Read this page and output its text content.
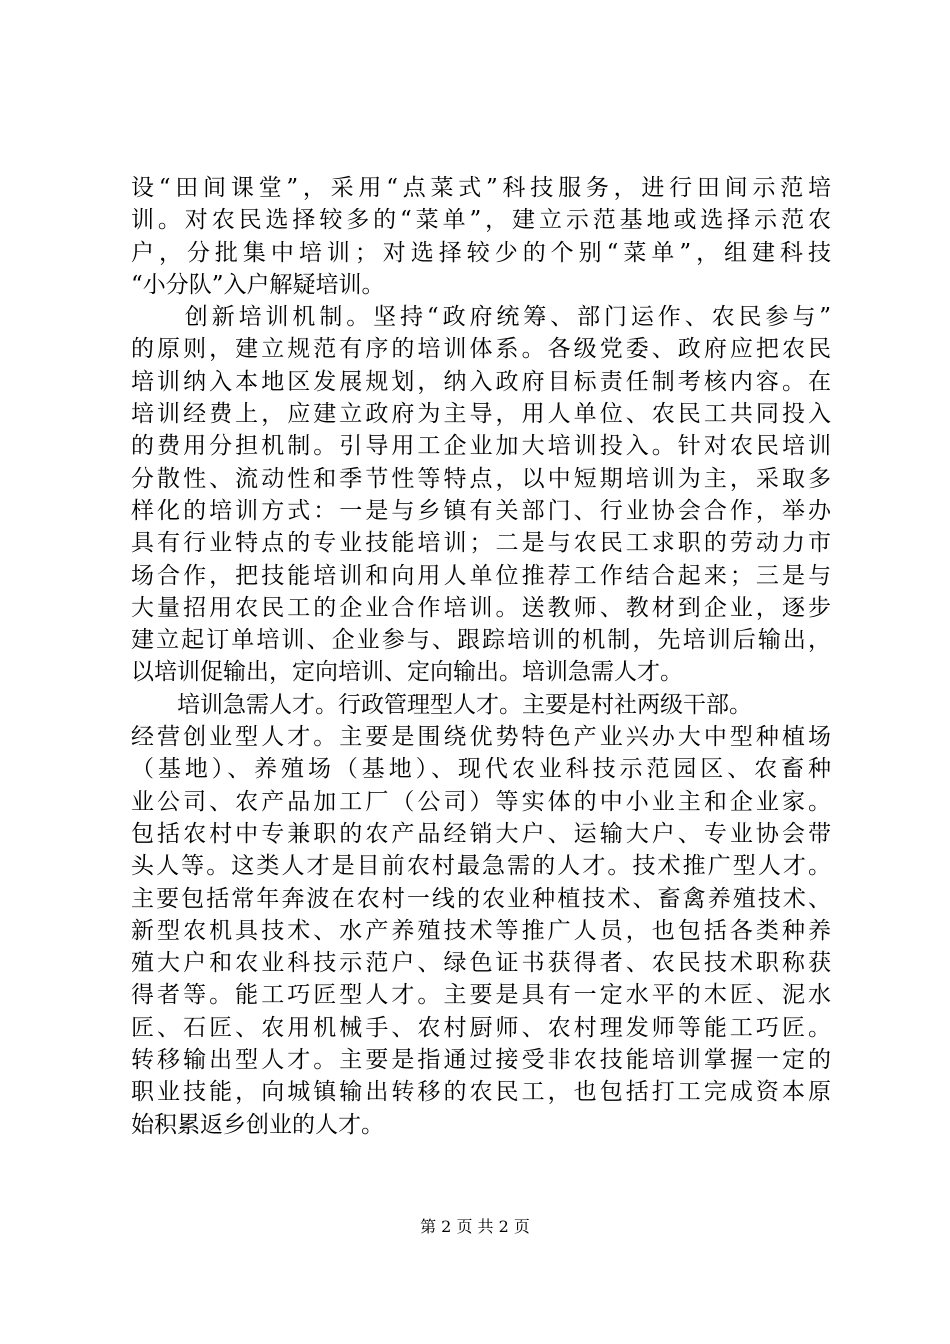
设“田间课堂”，采用“点菜式”科技服务，进行田间示范培
训。对农民选择较多的“菜单”，建立示范基地或选择示范农
户，分批集中培训；对选择较少的个别“菜单”，组建科技
“小分队”入户解疑培训。
　　创新培训机制。坚持“政府统筹、部门运作、农民参与”
的原则，建立规范有序的培训体系。各级党委、政府应把农民
培训纳入本地区发展规划，纳入政府目标责任制考核内容。在
培训经费上，应建立政府为主导，用人单位、农民工共同投入
的费用分担机制。引导用工企业加大培训投入。针对农民培训
分散性、流动性和季节性等特点，以中短期培训为主，采取多
样化的培训方式：一是与乡镇有关部门、行业协会合作，举办
具有行业特点的专业技能培训；二是与农民工求职的劳动力市
场合作，把技能培训和向用人单位推荐工作结合起来；三是与
大量招用农民工的企业合作培训。送教师、教材到企业，逐步
建立起订单培训、企业参与、跟踪培训的机制，先培训后输出，
以培训促输出，定向培训、定向输出。培训急需人才。
　　培训急需人才。行政管理型人才。主要是村社两级干部。
经营创业型人才。主要是围绕优势特色产业兴办大中型种植场
（基地）、养殖场（基地）、现代农业科技示范园区、农畜种
业公司、农产品加工厂（公司）等实体的中小业主和企业家。
包括农村中专兼职的农产品经销大户、运输大户、专业协会带
头人等。这类人才是目前农村最急需的人才。技术推广型人才。
主要包括常年奔波在农村一线的农业种植技术、畜禽养殖技术、
新型农机具技术、水产养殖技术等推广人员，也包括各类种养
殖大户和农业科技示范户、绿色证书获得者、农民技术职称获
得者等。能工巧匠型人才。主要是具有一定水平的木匠、泥水
匠、石匠、农用机械手、农村厨师、农村理发师等能工巧匠。
转移输出型人才。主要是指通过接受非农技能培训掌握一定的
职业技能，向城镇输出转移的农民工，也包括打工完成资本原
始积累返乡创业的人才。
第 2 页 共 2 页
